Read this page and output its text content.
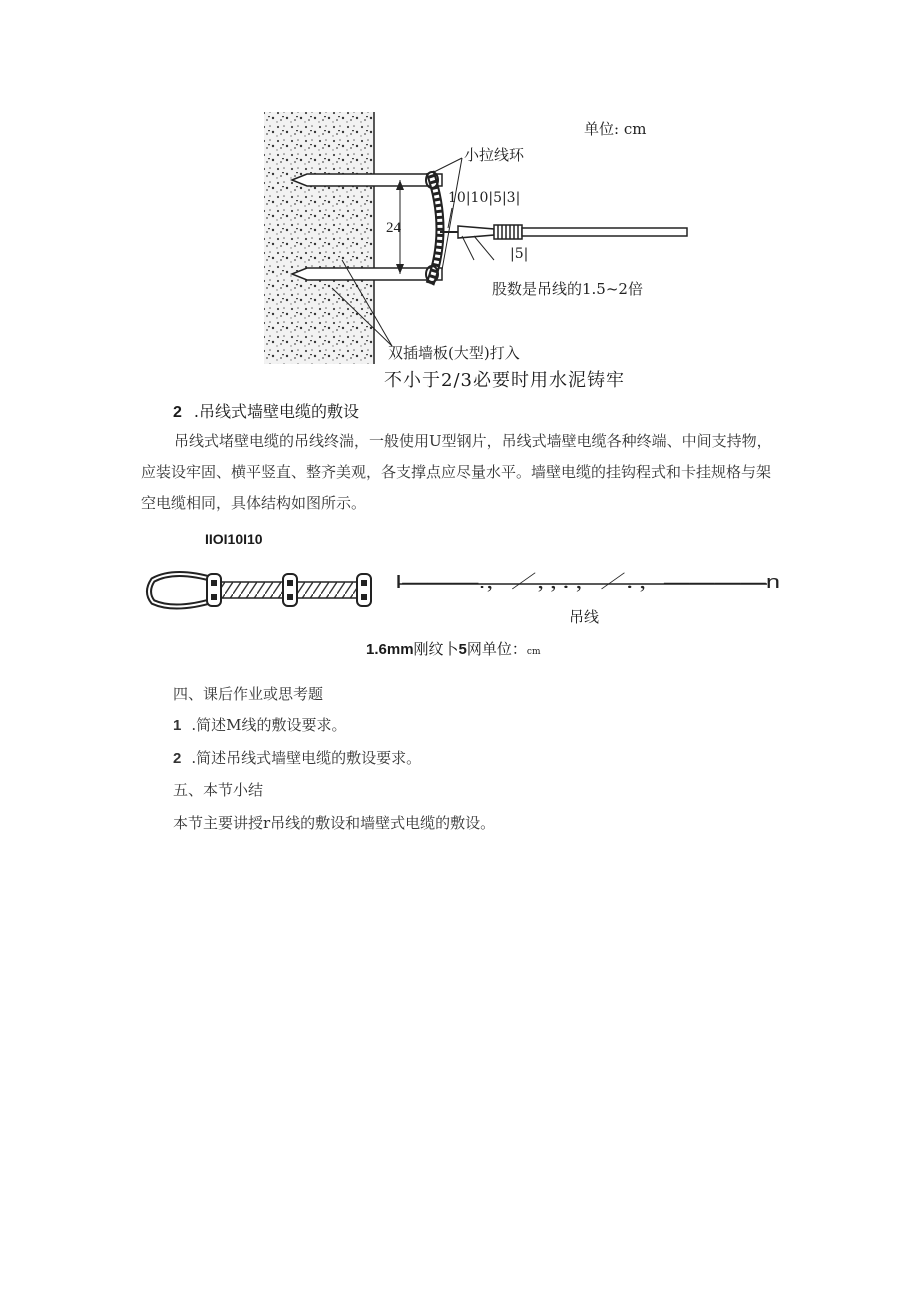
24
单位: cm
小拉线环
10|10|5|3|
|5|
股数是吊线的1.5~2倍
双插墙板(大型)打入
不小于2/3必要时用水泥铸牢
2 .吊线式墙壁电缆的敷设
吊线式堵壁电缆的吊线终湍，一般使用U型钢片，吊线式墙壁电缆各种终端、中间支持物，应装设牢固、横平竖直、整齐美观，各支撑点应尽量水平。墙壁电缆的挂钩程式和卡挂规格与架空电缆相同，具体结构如图所示。
IIOI10I10
I———.，／，，．，／．，————n
吊线
1.6mm刚纹卜5网单位：cm
四、课后作业或思考题
1 .简述M线的敷设要求。
2 .简述吊线式墙壁电缆的敷设要求。
五、本节小结
本节主要讲授r吊线的敷设和墙壁式电缆的敷设。
